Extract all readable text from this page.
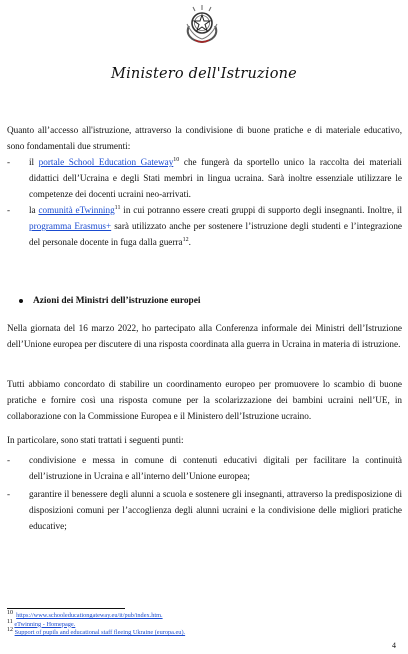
Ministero dell'Istruzione

Quanto all’accesso all'istruzione, attraverso la condivisione di buone pratiche e di materiale educativo, sono fondamentali due strumenti:

- il portale School Education Gateway$^{10}$ che fungerà da sportello unico la raccolta dei materiali didattici dell’Ucraina e degli Stati membri in lingua ucraina. Sarà inoltre essenziale utilizzare le competenze dei docenti ucraini neo-arrivati.
- la comunità eTwinning$^{11}$ in cui potranno essere creati gruppi di supporto degli insegnanti. Inoltre, il programma Erasmus+ sarà utilizzato anche per sostenere l’istruzione degli studenti e l’integrazione del personale docente in fuga dalla guerra$^{12}$.
Azioni dei Ministri dell’istruzione europei
Nella giornata del 16 marzo 2022, ho partecipato alla Conferenza informale dei Ministri dell’Istruzione dell’Unione europea per discutere di una risposta coordinata alla guerra in Ucraina in materia di istruzione.
Tutti abbiamo concordato di stabilire un coordinamento europeo per promuovere lo scambio di buone pratiche e fornire così una risposta comune per la scolarizzazione dei bambini ucraini nell’UE, in collaborazione con la Commissione Europea e il Ministero dell’Istruzione ucraino.
In particolare, sono stati trattati i seguenti punti:
- condivisione e messa in comune di contenuti educativi digitali per facilitare la continuità dell’istruzione in Ucraina e all’interno dell’Unione europea;
- garantire il benessere degli alunni a scuola e sostenere gli insegnanti, attraverso la predisposizione di disposizioni comuni per l’accoglienza degli alunni ucraini e la condivisione delle migliori pratiche educative;
$^{10}$ https://www.schooleducationgateway.eu/it/pub/index.htm.
$^{11}$ eTwinning - Homepage.
$^{12}$ Support of pupils and educational staff fleeing Ukraine (europa.eu).
4
